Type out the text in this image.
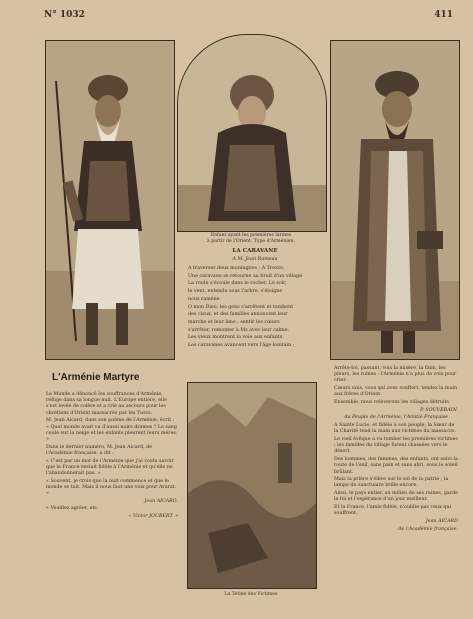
N° 1032	411
Enfant ayant les premières larmes
à partir de l'Orient. Type d'Arménien.
LA CARAVANE
A M. Jean Rameau
A traverser deux montagnes ; A Trezzo,
Une caravane se retourne au bruit d'un village.
La route s'écoule dans le rocher. Le soir,
le vent, entendu sous l'arbre, s'éloigne
nous ramène.
O mon Dieu, les gens s'arrêtent et tombent
des cieux, et des familles annoncent leur
marche et leur âme ; sentir les cœurs
s'arrêter, remonter à Ms avec leur calme.
Les vieux montrent la voie aux enfants.
Les caravanes avancent vers l'âge lointain ;
L'Arménie Martyre

Le Monde a dénoncé les souffrances d'Arménie, refuge dans sa longue nuit. L'Europe entière, elle s'est levée de colère et a crié au secours pour les chrétiens d'Orient massacrés par les Turcs.

M. Jean Aicard, dans son poème de l'Arménie, écrit : « Quel monde avait vu d'aussi noirs drames ? Le sang coule sur la neige et les enfants pleurent leurs mères. »

Dans le dernier numéro, M. Jean Aicard, de l'Académie française, a dit :

« C'est par un mot de l'Arménie que j'ai voulu savoir que la France restait fidèle à l'Arménie et qu'elle ne l'abandonnerait pas. »

« Souvent, je crois que la nuit commence et que le monde se tait. Mais il nous faut une voix pour Ararat. »

Jean AICARD.

« Veuillez agréer, etc.

« Victor JOUBERT. »

La Tétine des Victimes

Arrête-toi, passant, vois la misère, la faim, les pleurs, les ruines : l'Arménie n'a plus de voix pour crier.

Cœurs unis, vous qui avez souffert, tendez la main aux frères d'Orient.

Ensemble, nous relèverons les villages détruits.

P. SOUVERAIN.

Au Peuple de l'Arménie, l'Amitié Française

A Sainte Lucie, et fidèle à son peuple, la Sœur de la Charité tend la main aux victimes du massacre.

Le vieil évêque a vu tomber les premières victimes ; les familles du village furent chassées vers le désert.

Des hommes, des femmes, des enfants, ont suivi la route de l'exil, sans pain et sans abri, sous le soleil brûlant.

Mais la prière s'élève sur le sol de la patrie ; la lampe du sanctuaire brille encore.

Ainsi, le pays entier, au milieu de ses ruines, garde la foi et l'espérance d'un jour meilleur.

Et la France, l'amie fidèle, n'oublie pas ceux qui souffrent.

Jean AICARD

de l'Académie française.
